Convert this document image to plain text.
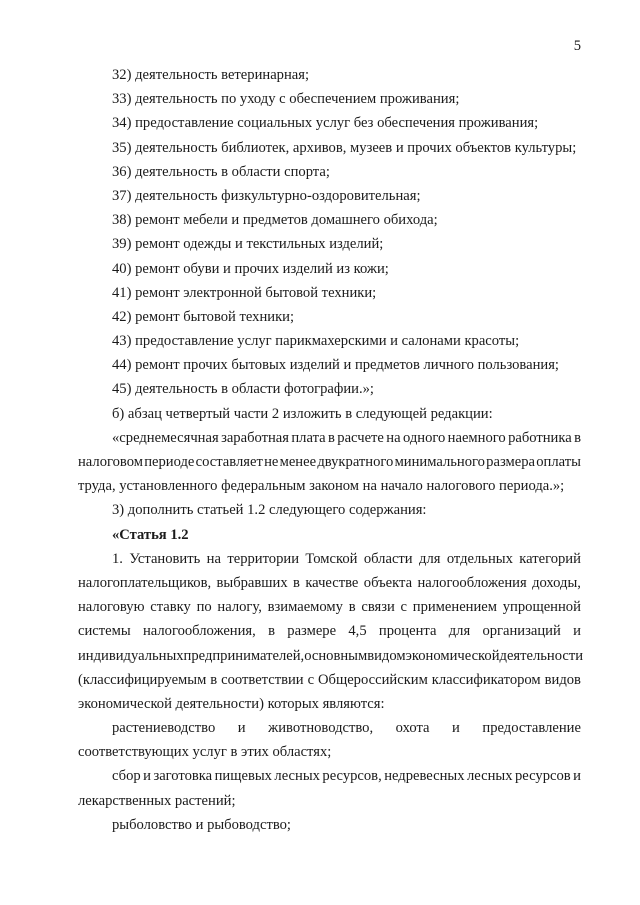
5
32) деятельность ветеринарная;
33) деятельность по уходу с обеспечением проживания;
34) предоставление социальных услуг без обеспечения проживания;
35) деятельность библиотек, архивов, музеев и прочих объектов культуры;
36) деятельность в области спорта;
37) деятельность физкультурно-оздоровительная;
38) ремонт мебели и предметов домашнего обихода;
39) ремонт одежды и текстильных изделий;
40) ремонт обуви и прочих изделий из кожи;
41) ремонт электронной бытовой техники;
42) ремонт бытовой техники;
43) предоставление услуг парикмахерскими и салонами красоты;
44) ремонт прочих бытовых изделий и предметов личного пользования;
45) деятельность в области фотографии.»;
б) абзац четвертый части 2 изложить в следующей редакции:
«среднемесячная заработная плата в расчете на одного наемного работника в
налоговом периоде составляет не менее двукратного минимального размера оплаты
труда, установленного федеральным законом на начало налогового периода.»;
3) дополнить статьей 1.2 следующего содержания:
«Статья 1.2
1. Установить на территории Томской области для отдельных категорий
налогоплательщиков, выбравших в качестве объекта налогообложения доходы,
налоговую ставку по налогу, взимаемому в связи с применением упрощенной
системы налогообложения, в размере 4,5 процента для организаций и
индивидуальных предпринимателей, основным видом экономической деятельности
(классифицируемым в соответствии с Общероссийским классификатором видов
экономической деятельности) которых являются:
растениеводство и животноводство, охота и предоставление
соответствующих услуг в этих областях;
сбор и заготовка пищевых лесных ресурсов, недревесных лесных ресурсов и
лекарственных растений;
рыболовство и рыбоводство;
